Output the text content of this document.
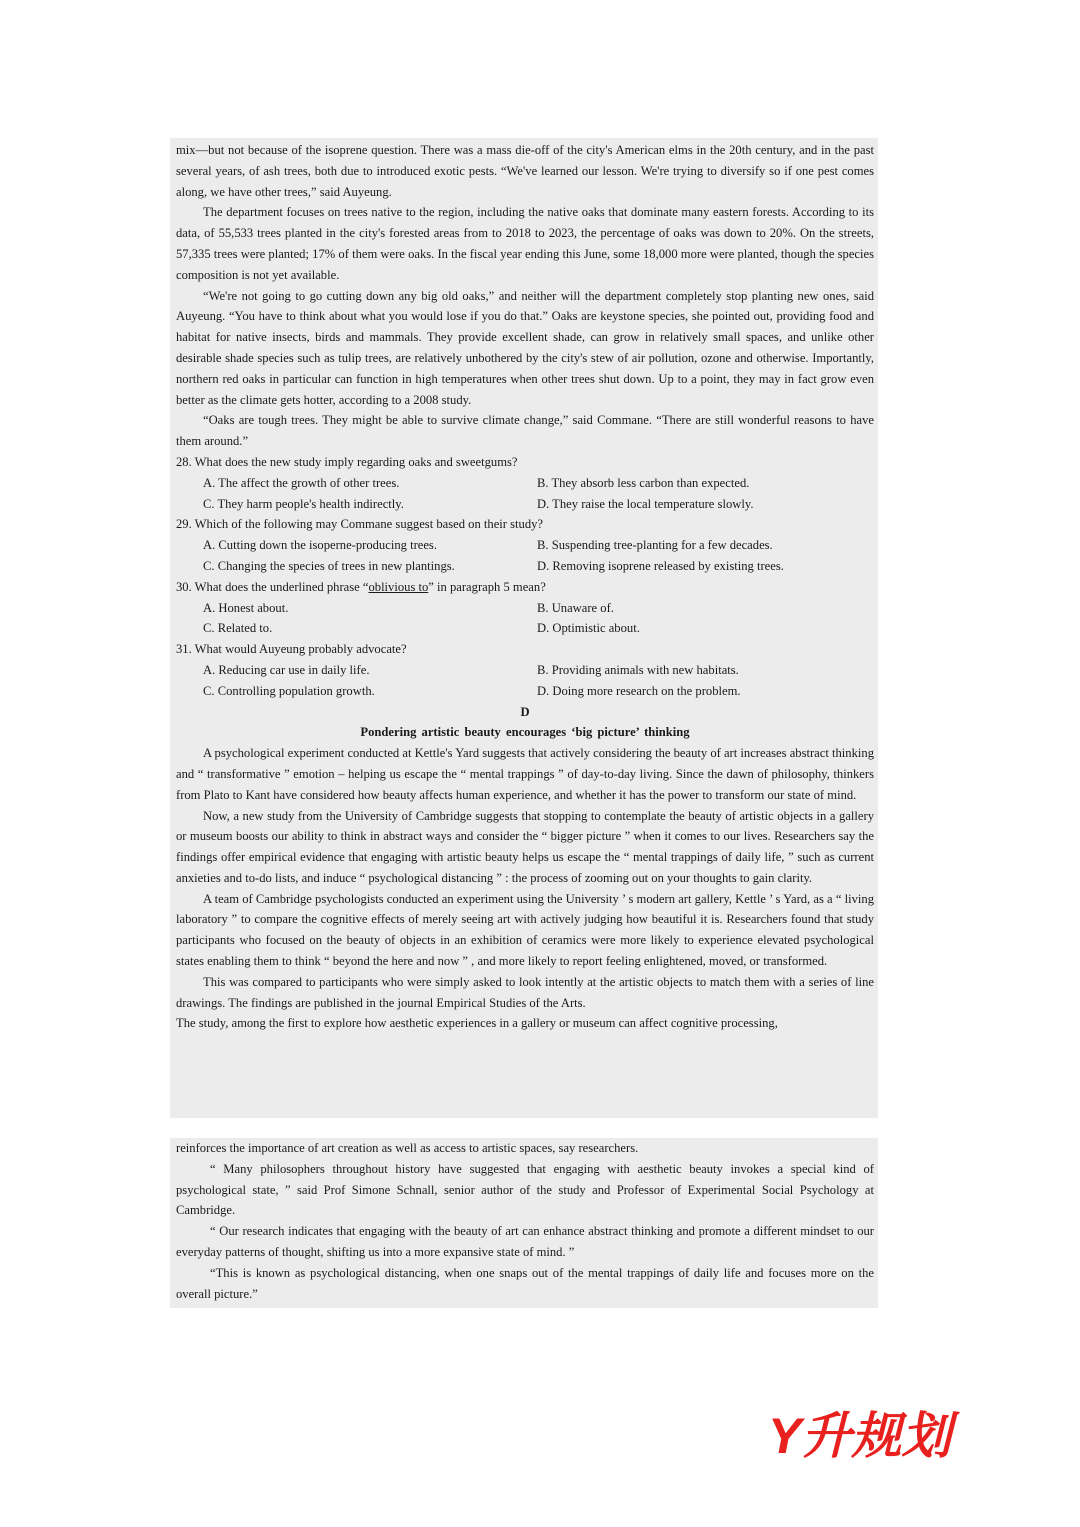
mix—but not because of the isoprene question. There was a mass die-off of the city's American elms in the 20th century, and in the past several years, of ash trees, both due to introduced exotic pests. “We've learned our lesson. We're trying to diversify so if one pest comes along, we have other trees,” said Auyeung.

The department focuses on trees native to the region, including the native oaks that dominate many eastern forests. According to its data, of 55,533 trees planted in the city's forested areas from to 2018 to 2023, the percentage of oaks was down to 20%. On the streets, 57,335 trees were planted; 17% of them were oaks. In the fiscal year ending this June, some 18,000 more were planted, though the species composition is not yet available.

“We're not going to go cutting down any big old oaks,” and neither will the department completely stop planting new ones, said Auyeung. “You have to think about what you would lose if you do that.” Oaks are keystone species, she pointed out, providing food and habitat for native insects, birds and mammals. They provide excellent shade, can grow in relatively small spaces, and unlike other desirable shade species such as tulip trees, are relatively unbothered by the city's stew of air pollution, ozone and otherwise. Importantly, northern red oaks in particular can function in high temperatures when other trees shut down. Up to a point, they may in fact grow even better as the climate gets hotter, according to a 2008 study.

“Oaks are tough trees. They might be able to survive climate change,” said Commane. “There are still wonderful reasons to have them around.”

28. What does the new study imply regarding oaks and sweetgums?

A. The affect the growth of other trees.	B. They absorb less carbon than expected.
C. They harm people's health indirectly.	D. They raise the local temperature slowly.

29. Which of the following may Commane suggest based on their study?

A. Cutting down the isoperne-producing trees.	B. Suspending tree-planting for a few decades.
C. Changing the species of trees in new plantings.	D. Removing isoprene released by existing trees.

30. What does the underlined phrase “oblivious to” in paragraph 5 mean?

A. Honest about.	B. Unaware of.
C. Related to.	D. Optimistic about.

31. What would Auyeung probably advocate?

A. Reducing car use in daily life.	B. Providing animals with new habitats.
C. Controlling population growth.	D. Doing more research on the problem.

D

Pondering artistic beauty encourages ‘big picture’ thinking

A psychological experiment conducted at Kettle's Yard suggests that actively considering the beauty of art increases abstract thinking and “ transformative ” emotion – helping us escape the “ mental trappings ” of day-to-day living. Since the dawn of philosophy, thinkers from Plato to Kant have considered how beauty affects human experience, and whether it has the power to transform our state of mind.

Now, a new study from the University of Cambridge suggests that stopping to contemplate the beauty of artistic objects in a gallery or museum boosts our ability to think in abstract ways and consider the “ bigger picture ” when it comes to our lives. Researchers say the findings offer empirical evidence that engaging with artistic beauty helps us escape the “ mental trappings of daily life, ” such as current anxieties and to-do lists, and induce “ psychological distancing ” : the process of zooming out on your thoughts to gain clarity.

A team of Cambridge psychologists conducted an experiment using the University ’ s modern art gallery, Kettle ’ s Yard, as a “ living laboratory ” to compare the cognitive effects of merely seeing art with actively judging how beautiful it is. Researchers found that study participants who focused on the beauty of objects in an exhibition of ceramics were more likely to experience elevated psychological states enabling them to think “ beyond the here and now ” , and more likely to report feeling enlightened, moved, or transformed.

This was compared to participants who were simply asked to look intently at the artistic objects to match them with a series of line drawings. The findings are published in the journal Empirical Studies of the Arts.

The study, among the first to explore how aesthetic experiences in a gallery or museum can affect cognitive processing,

reinforces the importance of art creation as well as access to artistic spaces, say researchers.

“ Many philosophers throughout history have suggested that engaging with aesthetic beauty invokes a special kind of psychological state, ” said Prof Simone Schnall, senior author of the study and Professor of Experimental Social Psychology at Cambridge.

“ Our research indicates that engaging with the beauty of art can enhance abstract thinking and promote a different mindset to our everyday patterns of thought, shifting us into a more expansive state of mind. ”

“This is known as psychological distancing, when one snaps out of the mental trappings of daily life and focuses more on the overall picture.”

Y升规划
